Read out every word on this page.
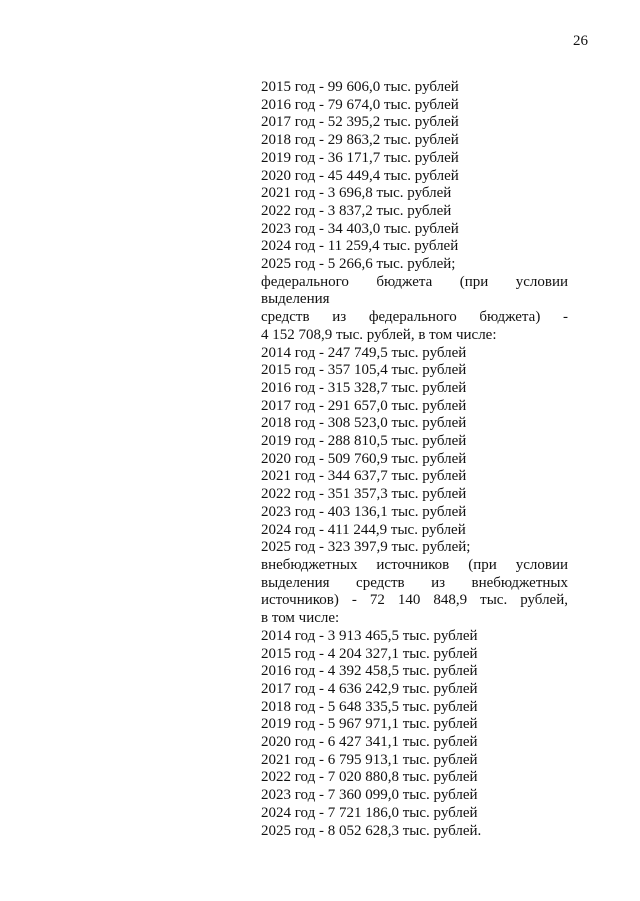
26
2015 год - 99 606,0 тыс. рублей
2016 год - 79 674,0 тыс. рублей
2017 год - 52 395,2 тыс. рублей
2018 год - 29 863,2 тыс. рублей
2019 год - 36 171,7 тыс. рублей
2020 год - 45 449,4 тыс. рублей
2021 год - 3 696,8 тыс. рублей
2022 год - 3 837,2 тыс. рублей
2023 год - 34 403,0 тыс. рублей
2024 год - 11 259,4 тыс. рублей
2025 год - 5 266,6 тыс. рублей;
федерального бюджета (при условии выделения
средств из федерального бюджета) -
4 152 708,9 тыс. рублей, в том числе:
2014 год - 247 749,5 тыс. рублей
2015 год - 357 105,4 тыс. рублей
2016 год - 315 328,7 тыс. рублей
2017 год - 291 657,0 тыс. рублей
2018 год - 308 523,0 тыс. рублей
2019 год - 288 810,5 тыс. рублей
2020 год - 509 760,9 тыс. рублей
2021 год - 344 637,7 тыс. рублей
2022 год - 351 357,3 тыс. рублей
2023 год - 403 136,1 тыс. рублей
2024 год - 411 244,9 тыс. рублей
2025 год - 323 397,9 тыс. рублей;
внебюджетных источников (при условии
выделения средств из внебюджетных
источников) - 72 140 848,9 тыс. рублей,
в том числе:
2014 год - 3 913 465,5 тыс. рублей
2015 год - 4 204 327,1 тыс. рублей
2016 год - 4 392 458,5 тыс. рублей
2017 год - 4 636 242,9 тыс. рублей
2018 год - 5 648 335,5 тыс. рублей
2019 год - 5 967 971,1 тыс. рублей
2020 год - 6 427 341,1 тыс. рублей
2021 год - 6 795 913,1 тыс. рублей
2022 год - 7 020 880,8 тыс. рублей
2023 год - 7 360 099,0 тыс. рублей
2024 год - 7 721 186,0 тыс. рублей
2025 год - 8 052 628,3 тыс. рублей.
